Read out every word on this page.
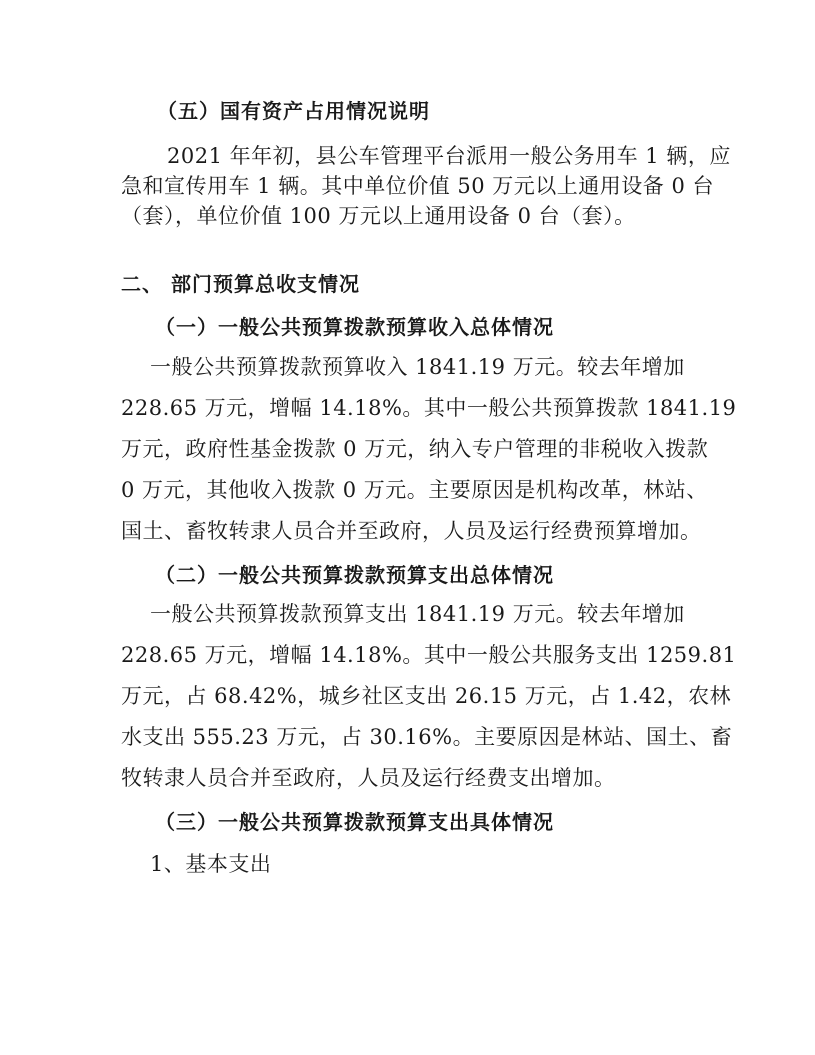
（五）国有资产占用情况说明
2021 年年初，县公车管理平台派用一般公务用车 1 辆，应
急和宣传用车 1 辆。其中单位价值 50 万元以上通用设备 0 台
（套），单位价值 100 万元以上通用设备 0 台（套）。
二、 部门预算总收支情况
（一）一般公共预算拨款预算收入总体情况
一般公共预算拨款预算收入 1841.19 万元。较去年增加
228.65 万元，增幅 14.18%。其中一般公共预算拨款 1841.19
万元，政府性基金拨款 0 万元，纳入专户管理的非税收入拨款
0 万元，其他收入拨款 0 万元。主要原因是机构改革，林站、
国土、畜牧转隶人员合并至政府，人员及运行经费预算增加。
（二）一般公共预算拨款预算支出总体情况
一般公共预算拨款预算支出 1841.19 万元。较去年增加
228.65 万元，增幅 14.18%。其中一般公共服务支出 1259.81
万元，占 68.42%，城乡社区支出 26.15 万元，占 1.42，农林
水支出 555.23 万元，占 30.16%。主要原因是林站、国土、畜
牧转隶人员合并至政府，人员及运行经费支出增加。
（三）一般公共预算拨款预算支出具体情况
1、基本支出
